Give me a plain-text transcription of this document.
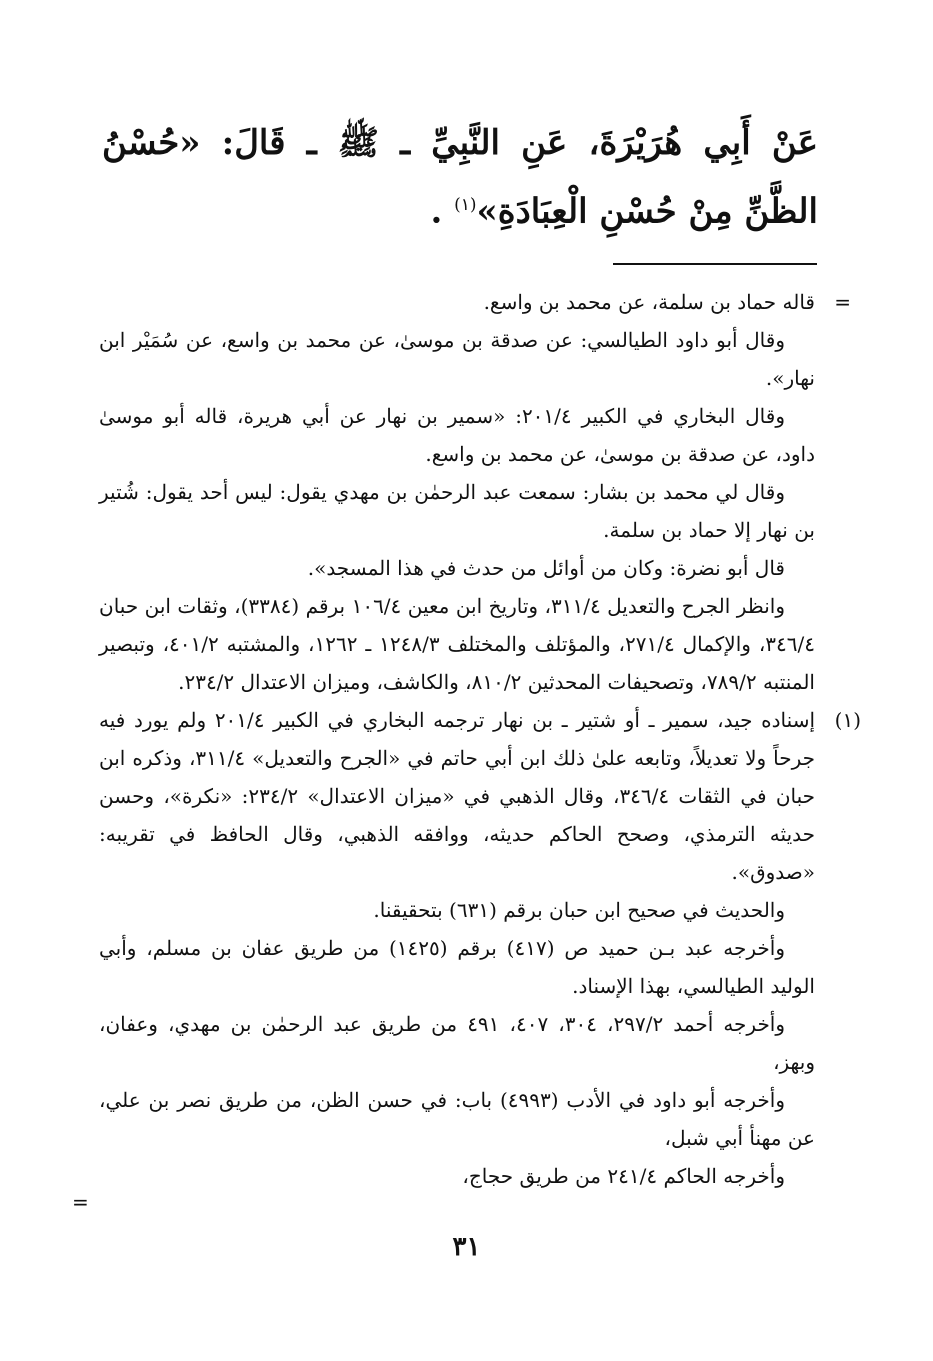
عَنْ أَبِي هُرَيْرَةَ، عَنِ النَّبِيِّ ـ ﷺ ـ قَالَ: «حُسْنُ الظَّنِّ مِنْ حُسْنِ الْعِبَادَةِ»$^{(١)}$ .

=
قاله حماد بن سلمة، عن محمد بن واسع.

وقال أبو داود الطيالسي: عن صدقة بن موسىٰ، عن محمد بن واسع، عن سُمَيْر ابن نهار».

وقال البخاري في الكبير ٢٠١/٤: «سمير بن نهار عن أبي هريرة، قاله أبو موسىٰ داود، عن صدقة بن موسىٰ، عن محمد بن واسع.

وقال لي محمد بن بشار: سمعت عبد الرحمٰن بن مهدي يقول: ليس أحد يقول: شُتير بن نهار إلا حماد بن سلمة.

قال أبو نضرة: وكان من أوائل من حدث في هذا المسجد».

وانظر الجرح والتعديل ٣١١/٤، وتاريخ ابن معين ١٠٦/٤ برقم (٣٣٨٤)، وثقات ابن حبان ٣٤٦/٤، والإكمال ٢٧١/٤، والمؤتلف والمختلف ١٢٤٨/٣ ـ ١٢٦٢، والمشتبه ٤٠١/٢، وتبصير المنتبه ٧٨٩/٢، وتصحيفات المحدثين ٨١٠/٢، والكاشف، وميزان الاعتدال ٢٣٤/٢.

(١)
إسناده جيد، سمير ـ أو شتير ـ بن نهار ترجمه البخاري في الكبير ٢٠١/٤ ولم يورد فيه جرحاً ولا تعديلاً، وتابعه علىٰ ذلك ابن أبي حاتم في «الجرح والتعديل» ٣١١/٤، وذكره ابن حبان في الثقات ٣٤٦/٤، وقال الذهبي في «ميزان الاعتدال» ٢٣٤/٢: «نكرة»، وحسن حديثه الترمذي، وصحح الحاكم حديثه، ووافقه الذهبي، وقال الحافظ في تقريبه: «صدوق».

والحديث في صحيح ابن حبان برقم (٦٣١) بتحقيقنا.

وأخرجه عبد بـن حميد ص (٤١٧) برقم (١٤٢٥) من طريق عفان بن مسلم، وأبي الوليد الطيالسي، بهذا الإسناد.

وأخرجه أحمد ٢٩٧/٢، ٣٠٤، ٤٠٧، ٤٩١ من طريق عبد الرحمٰن بن مهدي، وعفان، وبهز،

وأخرجه أبو داود في الأدب (٤٩٩٣) باب: في حسن الظن، من طريق نصر بن علي، عن مهنأ أبي شبل،

وأخرجه الحاكم ٢٤١/٤ من طريق حجاج،

=
٣١
